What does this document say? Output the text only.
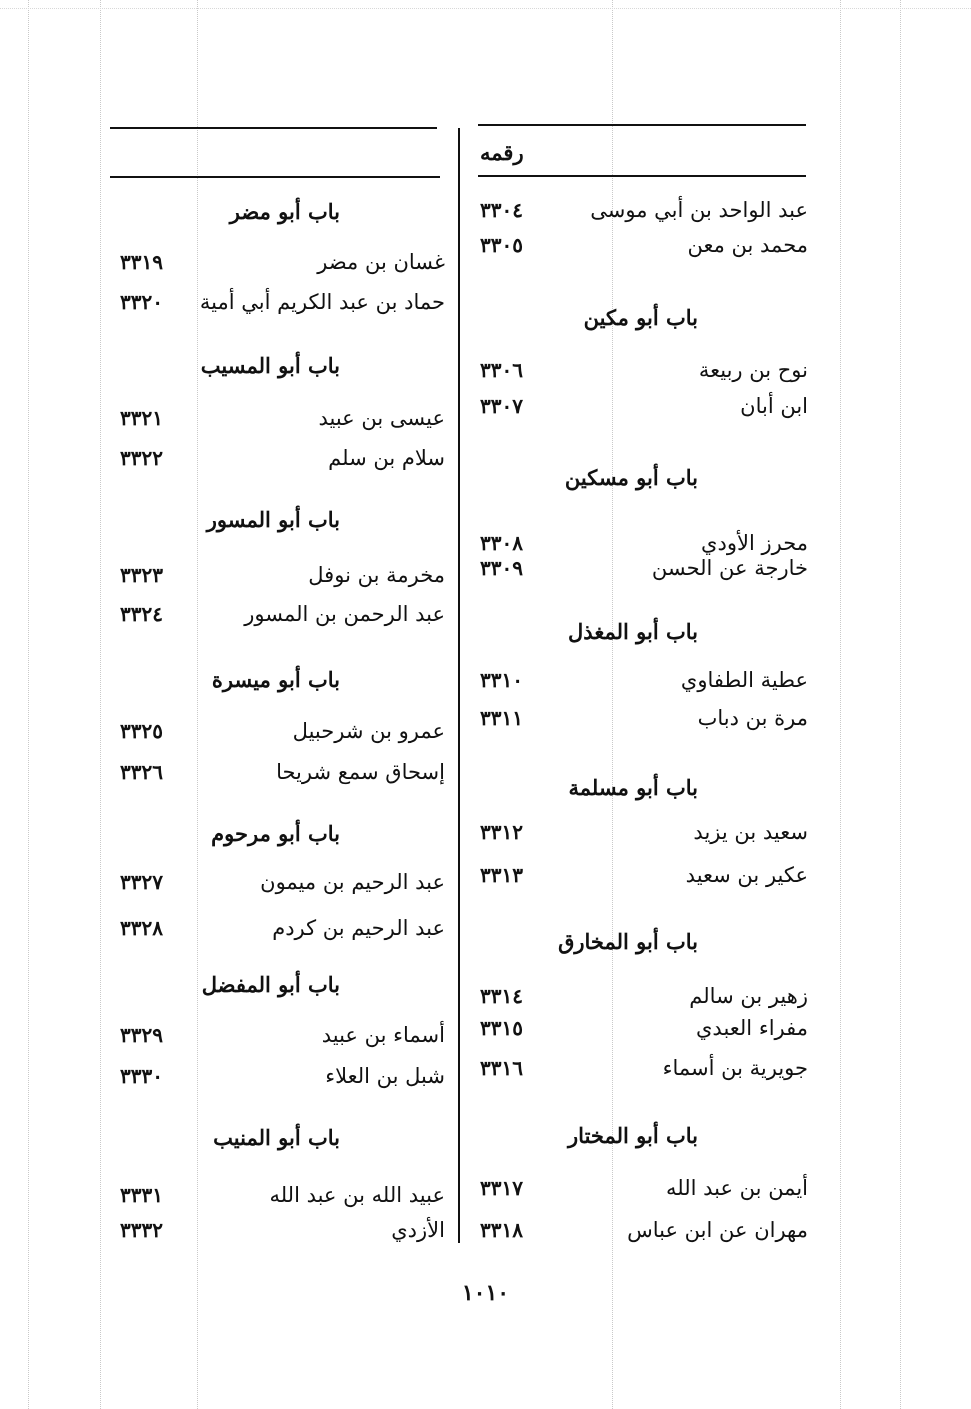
رقمه
عبد الواحد بن أبي موسى
٣٣٠٤
محمد بن معن
٣٣٠٥
باب أبو مكين
نوح بن ربيعة
٣٣٠٦
ابن أبان
٣٣٠٧
باب أبو مسكين
محرز الأودي
٣٣٠٨
خارجة عن الحسن
٣٣٠٩
باب أبو المغذل
عطية الطفاوي
٣٣١٠
مرة بن دباب
٣٣١١
باب أبو مسلمة
سعيد بن يزيد
٣٣١٢
عكير بن سعيد
٣٣١٣
باب أبو المخارق
زهير بن سالم
٣٣١٤
مفراء العبدي
٣٣١٥
جويرية بن أسماء
٣٣١٦
باب أبو المختار
أيمن بن عبد الله
٣٣١٧
مهران عن ابن عباس
٣٣١٨
باب أبو مضر
غسان بن مضر
٣٣١٩
حماد بن عبد الكريم أبي أمية
٣٣٢٠
باب أبو المسيب
عيسى بن عبيد
٣٣٢١
سلام بن سلم
٣٣٢٢
باب أبو المسور
مخرمة بن نوفل
٣٣٢٣
عبد الرحمن بن المسور
٣٣٢٤
باب أبو ميسرة
عمرو بن شرحبيل
٣٣٢٥
إسحاق سمع شريحا
٣٣٢٦
باب أبو مرحوم
عبد الرحيم بن ميمون
٣٣٢٧
عبد الرحيم بن كردم
٣٣٢٨
باب أبو المفضل
أسماء بن عبيد
٣٣٢٩
شبل بن العلاء
٣٣٣٠
باب أبو المنيب
عبيد الله بن عبد الله
٣٣٣١
الأزدي
٣٣٣٢
١٠١٠
